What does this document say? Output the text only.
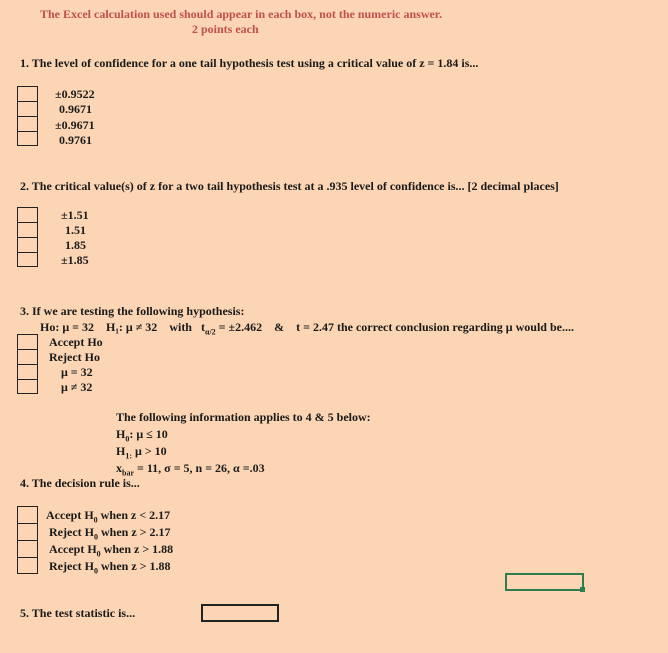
The Excel calculation used should appear in each box, not the numeric answer.
2 points each
1. The level of confidence for a one tail hypothesis test using a critical value of z = 1.84 is...
±0.9522
0.9671
±0.9671
0.9761
2. The critical value(s) of z for a two tail hypothesis test at a .935 level of confidence is... [2 decimal places]
±1.51
1.51
1.85
±1.85
3. If we are testing the following hypothesis:
Ho: μ = 32 H₁: μ ≠ 32 with $t_{\alpha/2} = \pm 2.462$ & t = 2.47 the correct conclusion regarding μ would be....
Accept Ho
Reject Ho
μ = 32
μ ≠ 32
The following information applies to 4 & 5 below:
$H_0$: μ ≤ 10
$H_{1:}$ μ > 10
$x_{bar} = 11$, σ = 5, n = 26, α =.03
4. The decision rule is...
Accept $H_0$ when z < 2.17
Reject $H_0$ when z > 2.17
Accept $H_0$ when z > 1.88
Reject $H_0$ when z > 1.88
5. The test statistic is...
